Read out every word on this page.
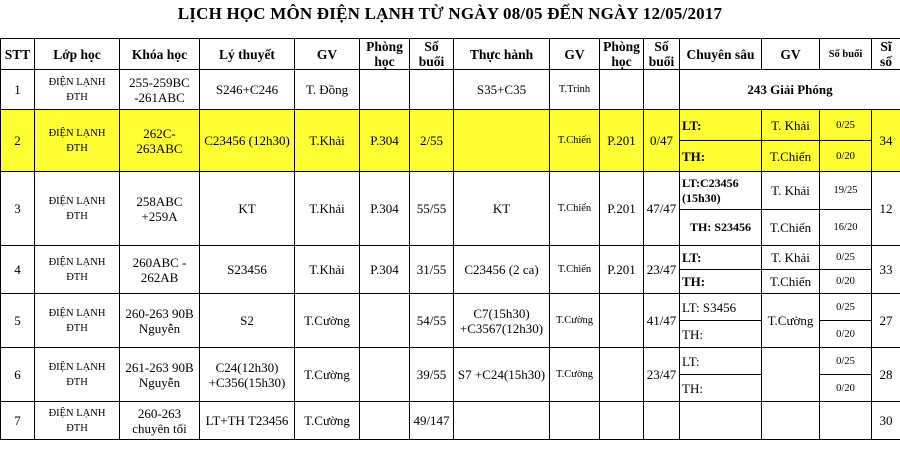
LỊCH HỌC MÔN ĐIỆN LẠNH TỪ NGÀY 08/05 ĐẾN NGÀY 12/05/2017
STT	Lớp học	Khóa học	Lý thuyết	GV	Phòng học	Số buổi	Thực hành	GV	Phòng học	Số buổi	Chuyên sâu	GV	Số buổi	Sĩ số
1	ĐIỆN LẠNH ĐTH	255-259BC -261ABC	S246+C246	T. Đồng			S35+C35	T.Trinh			243 Giải Phóng			
2	ĐIỆN LẠNH ĐTH	262C-263ABC	C23456 (12h30)	T.Khải	P.304	2/55		T.Chiến	P.201	0/47	LT:	T. Khải	0/25	34
											TH:	T.Chiến	0/20	
3	ĐIỆN LẠNH ĐTH	258ABC +259A	KT	T.Khải	P.304	55/55	KT	T.Chiến	P.201	47/47	LT:C23456 (15h30)	T. Khải	19/25	12
											TH: S23456	T.Chiến	16/20	
4	ĐIỆN LẠNH ĐTH	260ABC - 262AB	S23456	T.Khải	P.304	31/55	C23456 (2 ca)	T.Chiến	P.201	23/47	LT:	T. Khải	0/25	33
											TH:	T.Chiến	0/20	
5	ĐIỆN LẠNH ĐTH	260-263 90B Nguyễn	S2	T.Cường		54/55	C7(15h30) +C3567(12h30)	T.Cường		41/47	LT: S3456	T.Cường	0/25	27
											TH:		0/20	
6	ĐIỆN LẠNH ĐTH	261-263 90B Nguyễn	C24(12h30) +C356(15h30)	T.Cường		39/55	S7 +C24(15h30)	T.Cường		23/47	LT:		0/25	28
											TH:		0/20	
7	ĐIỆN LẠNH ĐTH	260-263 chuyên tối	LT+TH T23456	T.Cường		49/147								30
